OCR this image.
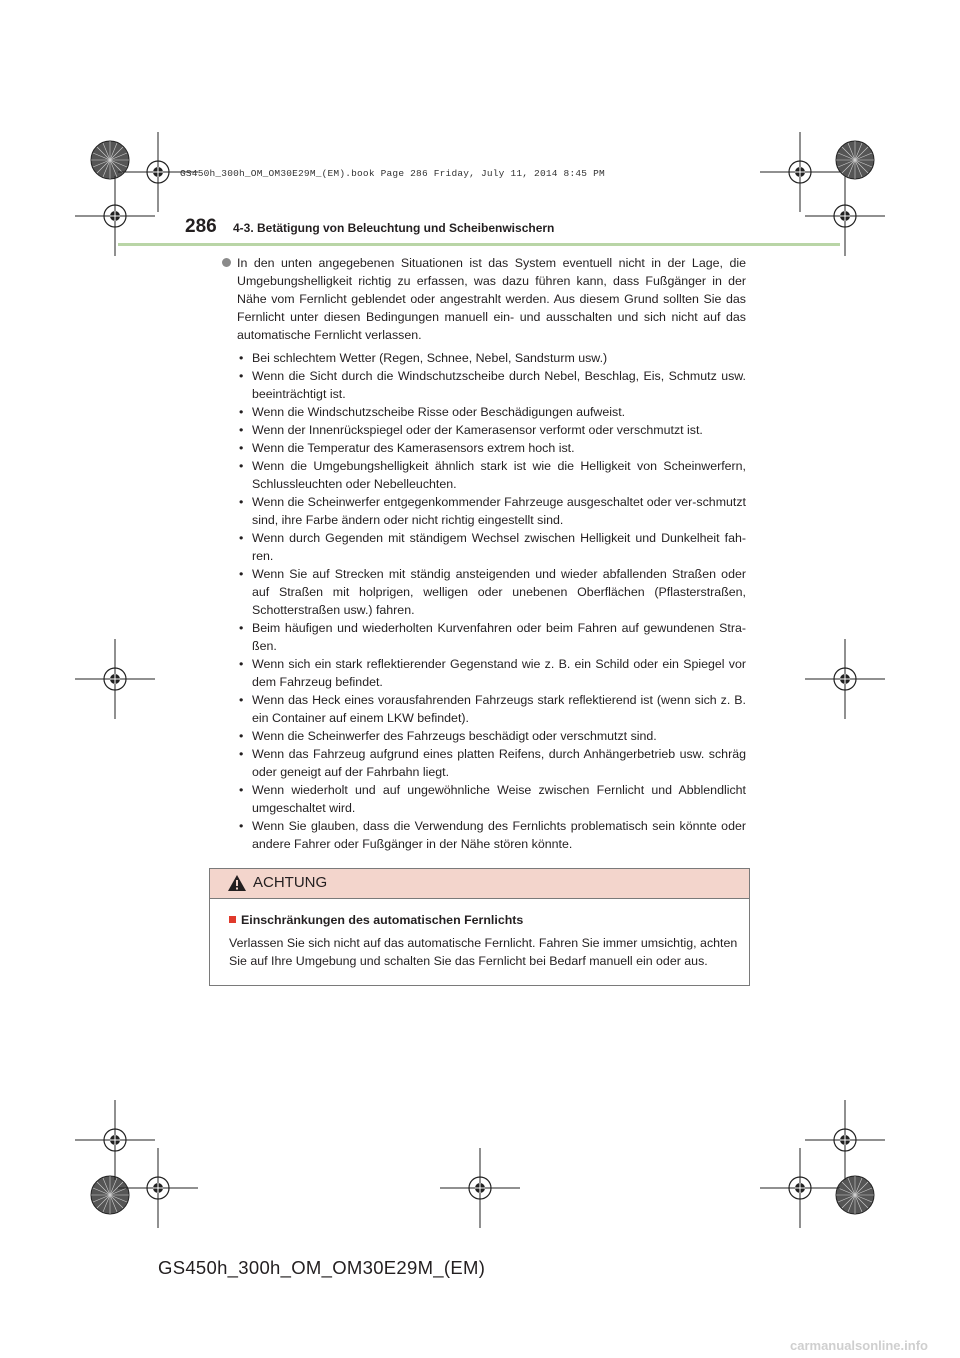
GS450h_300h_OM_OM30E29M_(EM).book Page 286 Friday, July 11, 2014 8:45 PM
286 4-3. Betätigung von Beleuchtung und Scheibenwischern

In den unten angegebenen Situationen ist das System eventuell nicht in der Lage, die Umgebungshelligkeit richtig zu erfassen, was dazu führen kann, dass Fußgänger in der Nähe vom Fernlicht geblendet oder angestrahlt werden. Aus diesem Grund sollten Sie das Fernlicht unter diesen Bedingungen manuell ein- und ausschalten und sich nicht auf das automatische Fernlicht verlassen.

• Bei schlechtem Wetter (Regen, Schnee, Nebel, Sandsturm usw.)
• Wenn die Sicht durch die Windschutzscheibe durch Nebel, Beschlag, Eis, Schmutz usw. beeinträchtigt ist.
• Wenn die Windschutzscheibe Risse oder Beschädigungen aufweist.
• Wenn der Innenrückspiegel oder der Kamerasensor verformt oder verschmutzt ist.
• Wenn die Temperatur des Kamerasensors extrem hoch ist.
• Wenn die Umgebungshelligkeit ähnlich stark ist wie die Helligkeit von Scheinwerfern, Schlussleuchten oder Nebelleuchten.
• Wenn die Scheinwerfer entgegenkommender Fahrzeuge ausgeschaltet oder ver-schmutzt sind, ihre Farbe ändern oder nicht richtig eingestellt sind.
• Wenn durch Gegenden mit ständigem Wechsel zwischen Helligkeit und Dunkelheit fah-ren.
• Wenn Sie auf Strecken mit ständig ansteigenden und wieder abfallenden Straßen oder auf Straßen mit holprigen, welligen oder unebenen Oberflächen (Pflasterstraßen, Schotterstraßen usw.) fahren.
• Beim häufigen und wiederholten Kurvenfahren oder beim Fahren auf gewundenen Stra-ßen.
• Wenn sich ein stark reflektierender Gegenstand wie z. B. ein Schild oder ein Spiegel vor dem Fahrzeug befindet.
• Wenn das Heck eines vorausfahrenden Fahrzeugs stark reflektierend ist (wenn sich z. B. ein Container auf einem LKW befindet).
• Wenn die Scheinwerfer des Fahrzeugs beschädigt oder verschmutzt sind.
• Wenn das Fahrzeug aufgrund eines platten Reifens, durch Anhängerbetrieb usw. schräg oder geneigt auf der Fahrbahn liegt.
• Wenn wiederholt und auf ungewöhnliche Weise zwischen Fernlicht und Abblendlicht umgeschaltet wird.
• Wenn Sie glauben, dass die Verwendung des Fernlichts problematisch sein könnte oder andere Fahrer oder Fußgänger in der Nähe stören könnte.
ACHTUNG
Einschränkungen des automatischen Fernlichts
Verlassen Sie sich nicht auf das automatische Fernlicht. Fahren Sie immer umsichtig, achten Sie auf Ihre Umgebung und schalten Sie das Fernlicht bei Bedarf manuell ein oder aus.
GS450h_300h_OM_OM30E29M_(EM)
carmanualsonline.info
